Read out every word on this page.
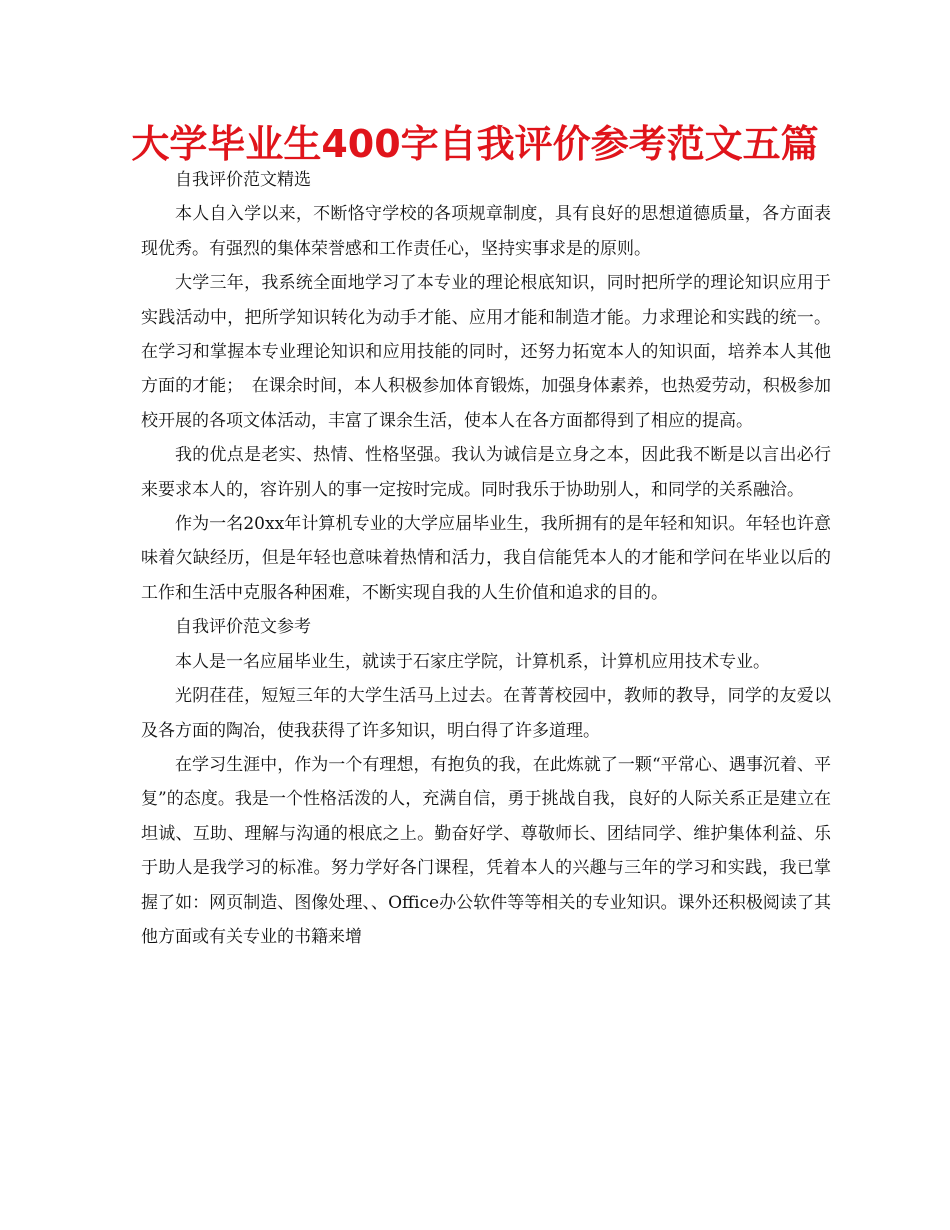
大学毕业生400字自我评价参考范文五篇

自我评价范文精选

本人自入学以来，不断恪守学校的各项规章制度，具有良好的思想道德质量，各方面表现优秀。有强烈的集体荣誉感和工作责任心，坚持实事求是的原则。

大学三年，我系统全面地学习了本专业的理论根底知识，同时把所学的理论知识应用于实践活动中，把所学知识转化为动手才能、应用才能和制造才能。力求理论和实践的统一。在学习和掌握本专业理论知识和应用技能的同时，还努力拓宽本人的知识面，培养本人其他方面的才能；　在课余时间，本人积极参加体育锻炼，加强身体素养，也热爱劳动，积极参加校开展的各项文体活动，丰富了课余生活，使本人在各方面都得到了相应的提高。

我的优点是老实、热情、性格坚强。我认为诚信是立身之本，因此我不断是以言出必行来要求本人的，容许别人的事一定按时完成。同时我乐于协助别人，和同学的关系融洽。

作为一名20xx年计算机专业的大学应届毕业生，我所拥有的是年轻和知识。年轻也许意味着欠缺经历，但是年轻也意味着热情和活力，我自信能凭本人的才能和学问在毕业以后的工作和生活中克服各种困难，不断实现自我的人生价值和追求的目的。

自我评价范文参考

本人是一名应届毕业生，就读于石家庄学院，计算机系，计算机应用技术专业。

光阴荏荏，短短三年的大学生活马上过去。在菁菁校园中，教师的教导，同学的友爱以及各方面的陶冶，使我获得了许多知识，明白得了许多道理。

在学习生涯中，作为一个有理想，有抱负的我，在此炼就了一颗“平常心、遇事沉着、平复”的态度。我是一个性格活泼的人，充满自信，勇于挑战自我，良好的人际关系正是建立在坦诚、互助、理解与沟通的根底之上。勤奋好学、尊敬师长、团结同学、维护集体利益、乐于助人是我学习的标准。努力学好各门课程，凭着本人的兴趣与三年的学习和实践，我已掌握了如：网页制造、图像处理、、Office办公软件等等相关的专业知识。课外还积极阅读了其他方面或有关专业的书籍来增
